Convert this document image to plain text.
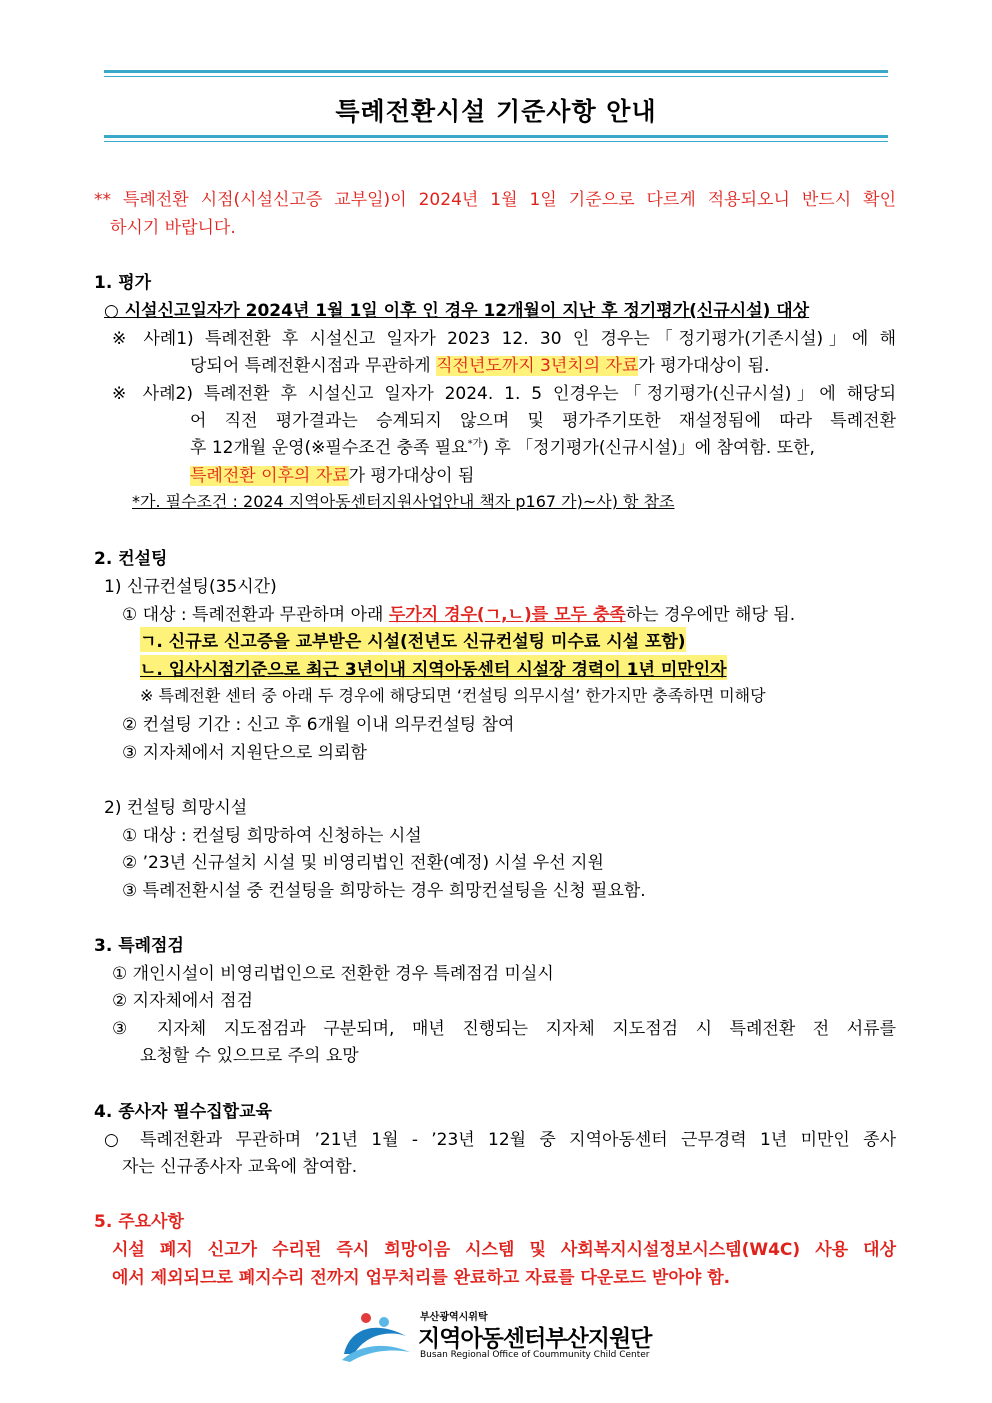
특례전환시설 기준사항 안내
** 특례전환 시점(시설신고증 교부일)이 2024년 1월 1일 기준으로 다르게 적용되오니 반드시 확인
하시기 바랍니다.
1. 평가
○ 시설신고일자가 2024년 1월 1일 이후 인 경우 12개월이 지난 후 정기평가(신규시설) 대상
※ 사례1) 특례전환 후 시설신고 일자가 2023 12. 30 인 경우는「정기평가(기존시설)」에 해
당되어 특례전환시점과 무관하게 직전년도까지 3년치의 자료가 평가대상이 됨.
※ 사례2) 특례전환 후 시설신고 일자가 2024. 1. 5 인경우는「정기평가(신규시설)」에 해당되
어 직전 평가결과는 승계되지 않으며 및 평가주기또한 재설정됨에 따라 특례전환
후 12개월 운영(※필수조건 충족 필요$^{*가}$) 후 「정기평가(신규시설)」에 참여함. 또한,
특례전환 이후의 자료가 평가대상이 됨
*가. 필수조건 : 2024 지역아동센터지원사업안내 책자 p167 가)~사) 항 참조
2. 컨설팅
1) 신규컨설팅(35시간)
① 대상 : 특례전환과 무관하며 아래 두가지 경우(ㄱ,ㄴ)를 모두 충족하는 경우에만 해당 됨.
ㄱ. 신규로 신고증을 교부받은 시설(전년도 신규컨설팅 미수료 시설 포함)
ㄴ. 입사시점기준으로 최근 3년이내 지역아동센터 시설장 경력이 1년 미만인자
※ 특례전환 센터 중 아래 두 경우에 해당되면 ‘컨설팅 의무시설’ 한가지만 충족하면 미해당
② 컨설팅 기간 : 신고 후 6개월 이내 의무컨설팅 참여
③ 지자체에서 지원단으로 의뢰함
2) 컨설팅 희망시설
① 대상 : 컨설팅 희망하여 신청하는 시설
② ’23년 신규설치 시설 및 비영리법인 전환(예정) 시설 우선 지원
③ 특례전환시설 중 컨설팅을 희망하는 경우 희망컨설팅을 신청 필요함.
3. 특례점검
① 개인시설이 비영리법인으로 전환한 경우 특례점검 미실시
② 지자체에서 점검
③ 지자체 지도점검과 구분되며, 매년 진행되는 지자체 지도점검 시 특례전환 전 서류를
요청할 수 있으므로 주의 요망
4. 종사자 필수집합교육
○ 특례전환과 무관하며 ’21년 1월 - ’23년 12월 중 지역아동센터 근무경력 1년 미만인 종사
자는 신규종사자 교육에 참여함.
5. 주요사항
시설 폐지 신고가 수리된 즉시 희망이음 시스템 및 사회복지시설정보시스템(W4C) 사용 대상
에서 제외되므로 폐지수리 전까지 업무처리를 완료하고 자료를 다운로드 받아야 함.
부산광역시위탁
지역아동센터부산지원단
Busan Regional Office of Coummunity Child Center
